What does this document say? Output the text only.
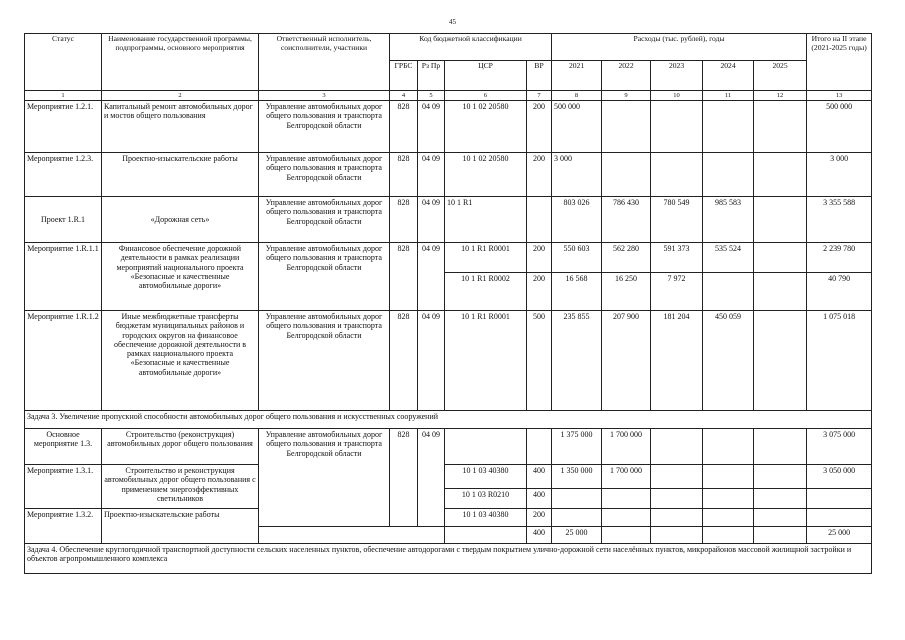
45
Статус	Наименование государственной программы, подпрограммы, основного мероприятия	Ответственный исполнитель, соисполнители, участники	Код бюджетной классификации				Расходы (тыс. рублей), годы					Итого на II этапе (2021-2025 годы)
			ГРБС	Рз Пр	ЦСР	ВР	2021	2022	2023	2024	2025	
1	2	3	4	5	6	7	8	9	10	11	12	13
Мероприятие 1.2.1.	Капитальный ремонт автомобильных дорог и мостов общего пользования	Управление автомобильных дорог общего пользования и транспорта Белгородской области	828	04 09	10 1 02 20580	200	500 000					500 000
Мероприятие 1.2.3.	Проектно-изыскательские работы	Управление автомобильных дорог общего пользования и транспорта Белгородской области	828	04 09	10 1 02 20580	200	3 000					3 000
Проект 1.R.1	«Дорожная сеть»	Управление автомобильных дорог общего пользования и транспорта Белгородской области	828	04 09	10 1 R1		803 026	786 430	780 549	985 583		3 355 588
Мероприятие 1.R.1.1	Финансовое обеспечение дорожной деятельности в рамках реализации мероприятий национального проекта «Безопасные и качественные автомобильные дороги»	Управление автомобильных дорог общего пользования и транспорта Белгородской области	828	04 09	10 1 R1 R0001	200	550 603	562 280	591 373	535 524		2 239 780
					10 1 R1 R0002	200	16 568	16 250	7 972			40 790
Мероприятие 1.R.1.2	Иные межбюджетные трансферты бюджетам муниципальных районов и городских округов на финансовое обеспечение дорожной деятельности в рамках национального проекта «Безопасные и качественные автомобильные дороги»	Управление автомобильных дорог общего пользования и транспорта Белгородской области	828	04 09	10 1 R1 R0001	500	235 855	207 900	181 204	450 059		1 075 018
Задача 3. Увеличение пропускной способности автомобильных дорог общего пользования и искусственных сооружений												
Основное мероприятие 1.3.	Строительство (реконструкция) автомобильных дорог общего пользования	Управление автомобильных дорог общего пользования и транспорта Белгородской области	828	04 09			1 375 000	1 700 000				3 075 000
Мероприятие 1.3.1.	Строительство и реконструкция автомобильных дорог общего пользования с применением энергоэффективных светильников				10 1 03 40380	400	1 350 000	1 700 000				3 050 000
					10 1 03 R0210	400						
Мероприятие 1.3.2.	Проектно-изыскательские работы				10 1 03 40380	200						
						400	25 000					25 000
Задача 4. Обеспечение круглогодичной транспортной доступности сельских населенных пунктов, обеспечение автодорогами с твердым покрытием улично-дорожной сети населённых пунктов, микрорайонов массовой жилищной застройки и объектов агропромышленного комплекса												
